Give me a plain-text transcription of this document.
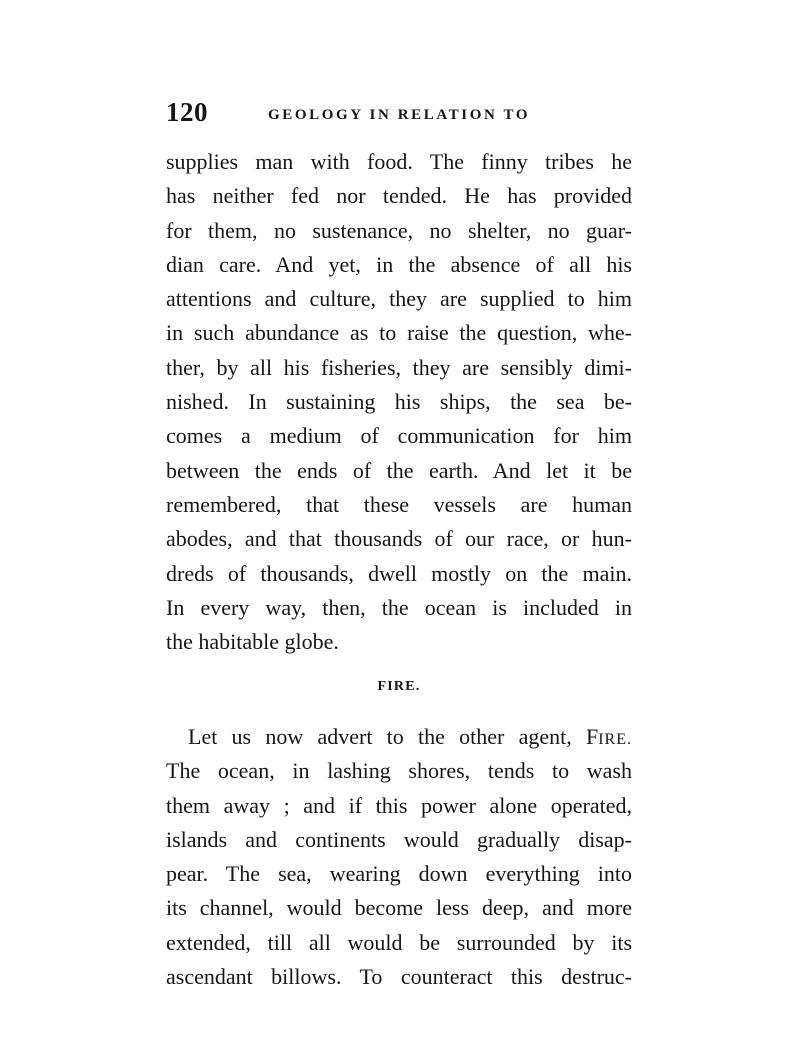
120	GEOLOGY IN RELATION TO
supplies man with food. The finny tribes he
has neither fed nor tended. He has provided
for them, no sustenance, no shelter, no guar-
dian care. And yet, in the absence of all his
attentions and culture, they are supplied to him
in such abundance as to raise the question, whe-
ther, by all his fisheries, they are sensibly dimi-
nished. In sustaining his ships, the sea be-
comes a medium of communication for him
between the ends of the earth. And let it be
remembered, that these vessels are human
abodes, and that thousands of our race, or hun-
dreds of thousands, dwell mostly on the main.
In every way, then, the ocean is included in
the habitable globe.
FIRE.
Let us now advert to the other agent, FIRE.
The ocean, in lashing shores, tends to wash
them away ; and if this power alone operated,
islands and continents would gradually disap-
pear. The sea, wearing down everything into
its channel, would become less deep, and more
extended, till all would be surrounded by its
ascendant billows. To counteract this destruc-
